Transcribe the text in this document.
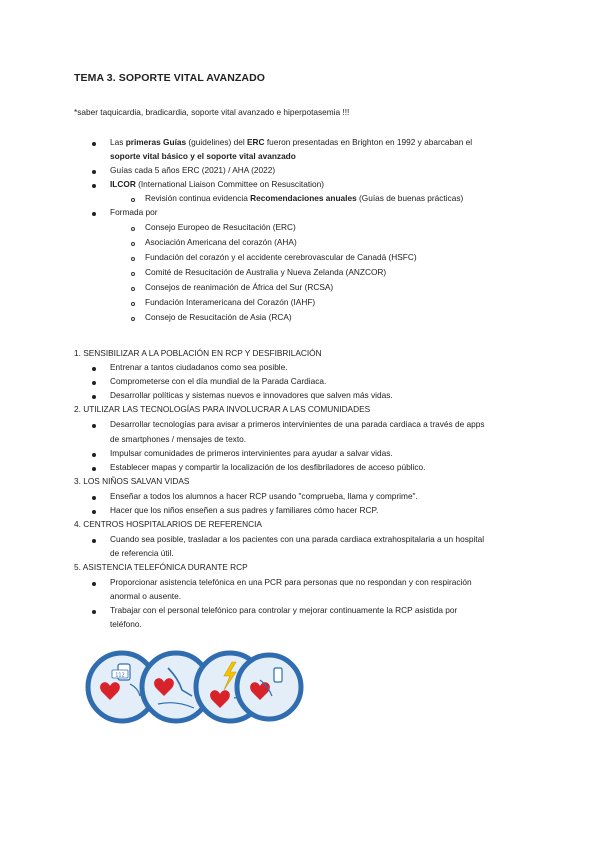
TEMA 3. SOPORTE VITAL AVANZADO
*saber taquicardia, bradicardia, soporte vital avanzado e hiperpotasemia !!!
Las primeras Guías (guidelines) del ERC fueron presentadas en Brighton en 1992 y abarcaban el
soporte vital básico y el soporte vital avanzado
Guías cada 5 años ERC (2021) / AHA (2022)
ILCOR (International Liaison Committee on Resuscitation)
Revisión continua evidencia Recomendaciones anuales (Guías de buenas prácticas)
Formada por
Consejo Europeo de Resucitación (ERC)
Asociación Americana del corazón (AHA)
Fundación del corazón y el accidente cerebrovascular de Canadá (HSFC)
Comité de Resucitación de Australia y Nueva Zelanda (ANZCOR)
Consejos de reanimación de África del Sur (RCSA)
Fundación Interamericana del Corazón (IAHF)
Consejo de Resucitación de Asia (RCA)
1. SENSIBILIZAR A LA POBLACIÓN EN RCP Y DESFIBRILACIÓN
Entrenar a tantos ciudadanos como sea posible.
Comprometerse con el día mundial de la Parada Cardiaca.
Desarrollar políticas y sistemas nuevos e innovadores que salven más vidas.
2. UTILIZAR LAS TECNOLOGÍAS PARA INVOLUCRAR A LAS COMUNIDADES
Desarrollar tecnologías para avisar a primeros intervinientes de una parada cardiaca a través de apps
de smartphones / mensajes de texto.
Impulsar comunidades de primeros intervinientes para ayudar a salvar vidas.
Establecer mapas y compartir la localización de los desfibriladores de acceso público.
3. LOS NIÑOS SALVAN VIDAS
Enseñar a todos los alumnos a hacer RCP usando "comprueba, llama y comprime".
Hacer que los niños enseñen a sus padres y familiares cómo hacer RCP.
4. CENTROS HOSPITALARIOS DE REFERENCIA
Cuando sea posible, trasladar a los pacientes con una parada cardiaca extrahospitalaria a un hospital
de referencia útil.
5. ASISTENCIA TELEFÓNICA DURANTE RCP
Proporcionar asistencia telefónica en una PCR para personas que no respondan y con respiración
anormal o ausente.
Trabajar con el personal telefónico para controlar y mejorar continuamente la RCP asistida por
teléfono.
112
